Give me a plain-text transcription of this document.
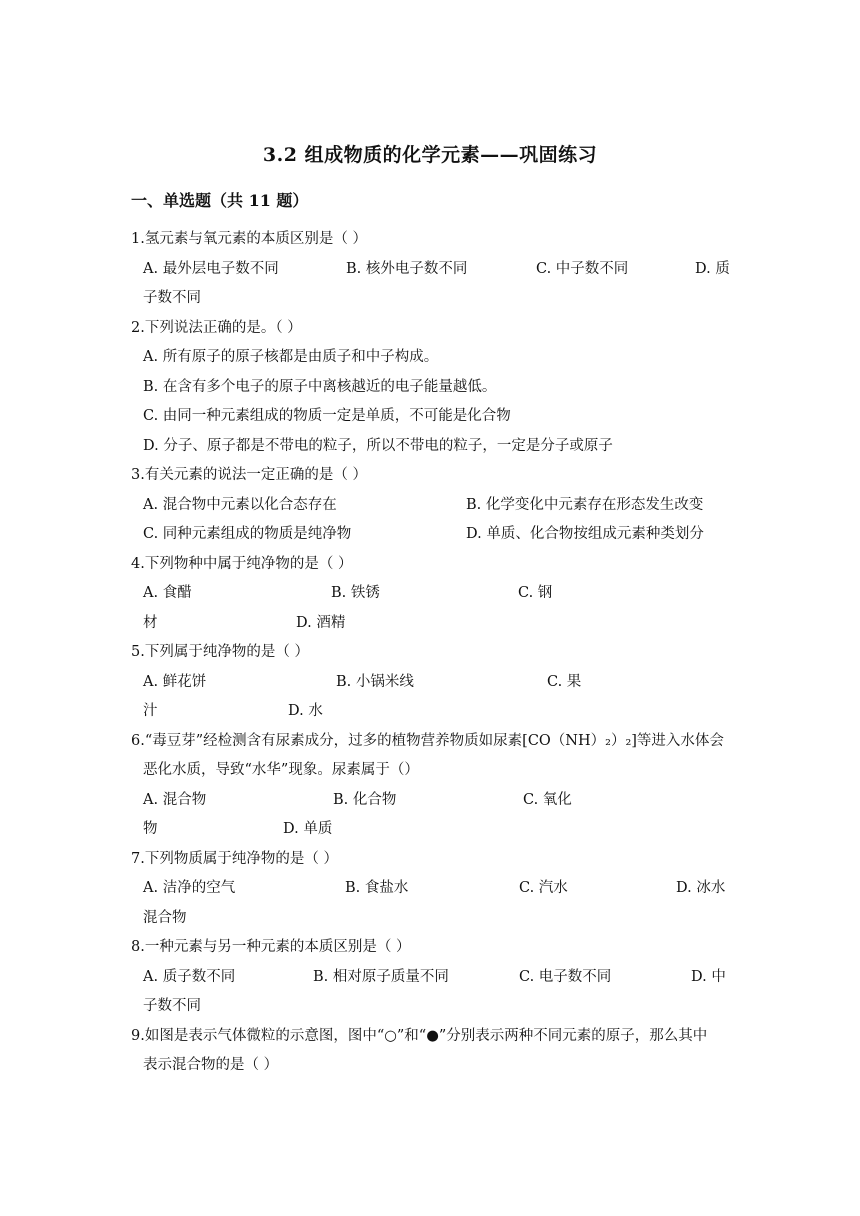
3.2 组成物质的化学元素——巩固练习
一、单选题（共 11 题）
1.氢元素与氧元素的本质区别是（ ）
A. 最外层电子数不同	B. 核外电子数不同	C. 中子数不同	D. 质
子数不同
2.下列说法正确的是。（ ）
A. 所有原子的原子核都是由质子和中子构成。
B. 在含有多个电子的原子中离核越近的电子能量越低。
C. 由同一种元素组成的物质一定是单质，不可能是化合物
D. 分子、原子都是不带电的粒子，所以不带电的粒子，一定是分子或原子
3.有关元素的说法一定正确的是（ ）
A. 混合物中元素以化合态存在	B. 化学变化中元素存在形态发生改变
C. 同种元素组成的物质是纯净物	D. 单质、化合物按组成元素种类划分
4.下列物种中属于纯净物的是（ ）
A. 食醋	B. 铁锈	C. 钢
材	D. 酒精
5.下列属于纯净物的是（ ）
A. 鲜花饼	B. 小锅米线	C. 果
汁	D. 水
6.“毒豆芽”经检测含有尿素成分，过多的植物营养物质如尿素[CO（NH）₂）₂]等进入水体会
恶化水质，导致“水华”现象。尿素属于（）
A. 混合物	B. 化合物	C. 氧化
物	D. 单质
7.下列物质属于纯净物的是（ ）
A. 洁净的空气	B. 食盐水	C. 汽水	D. 冰水
混合物
8.一种元素与另一种元素的本质区别是（ ）
A. 质子数不同	B. 相对原子质量不同	C. 电子数不同	D. 中
子数不同
9.如图是表示气体微粒的示意图，图中“○”和“●”分别表示两种不同元素的原子，那么其中
表示混合物的是（ ）
